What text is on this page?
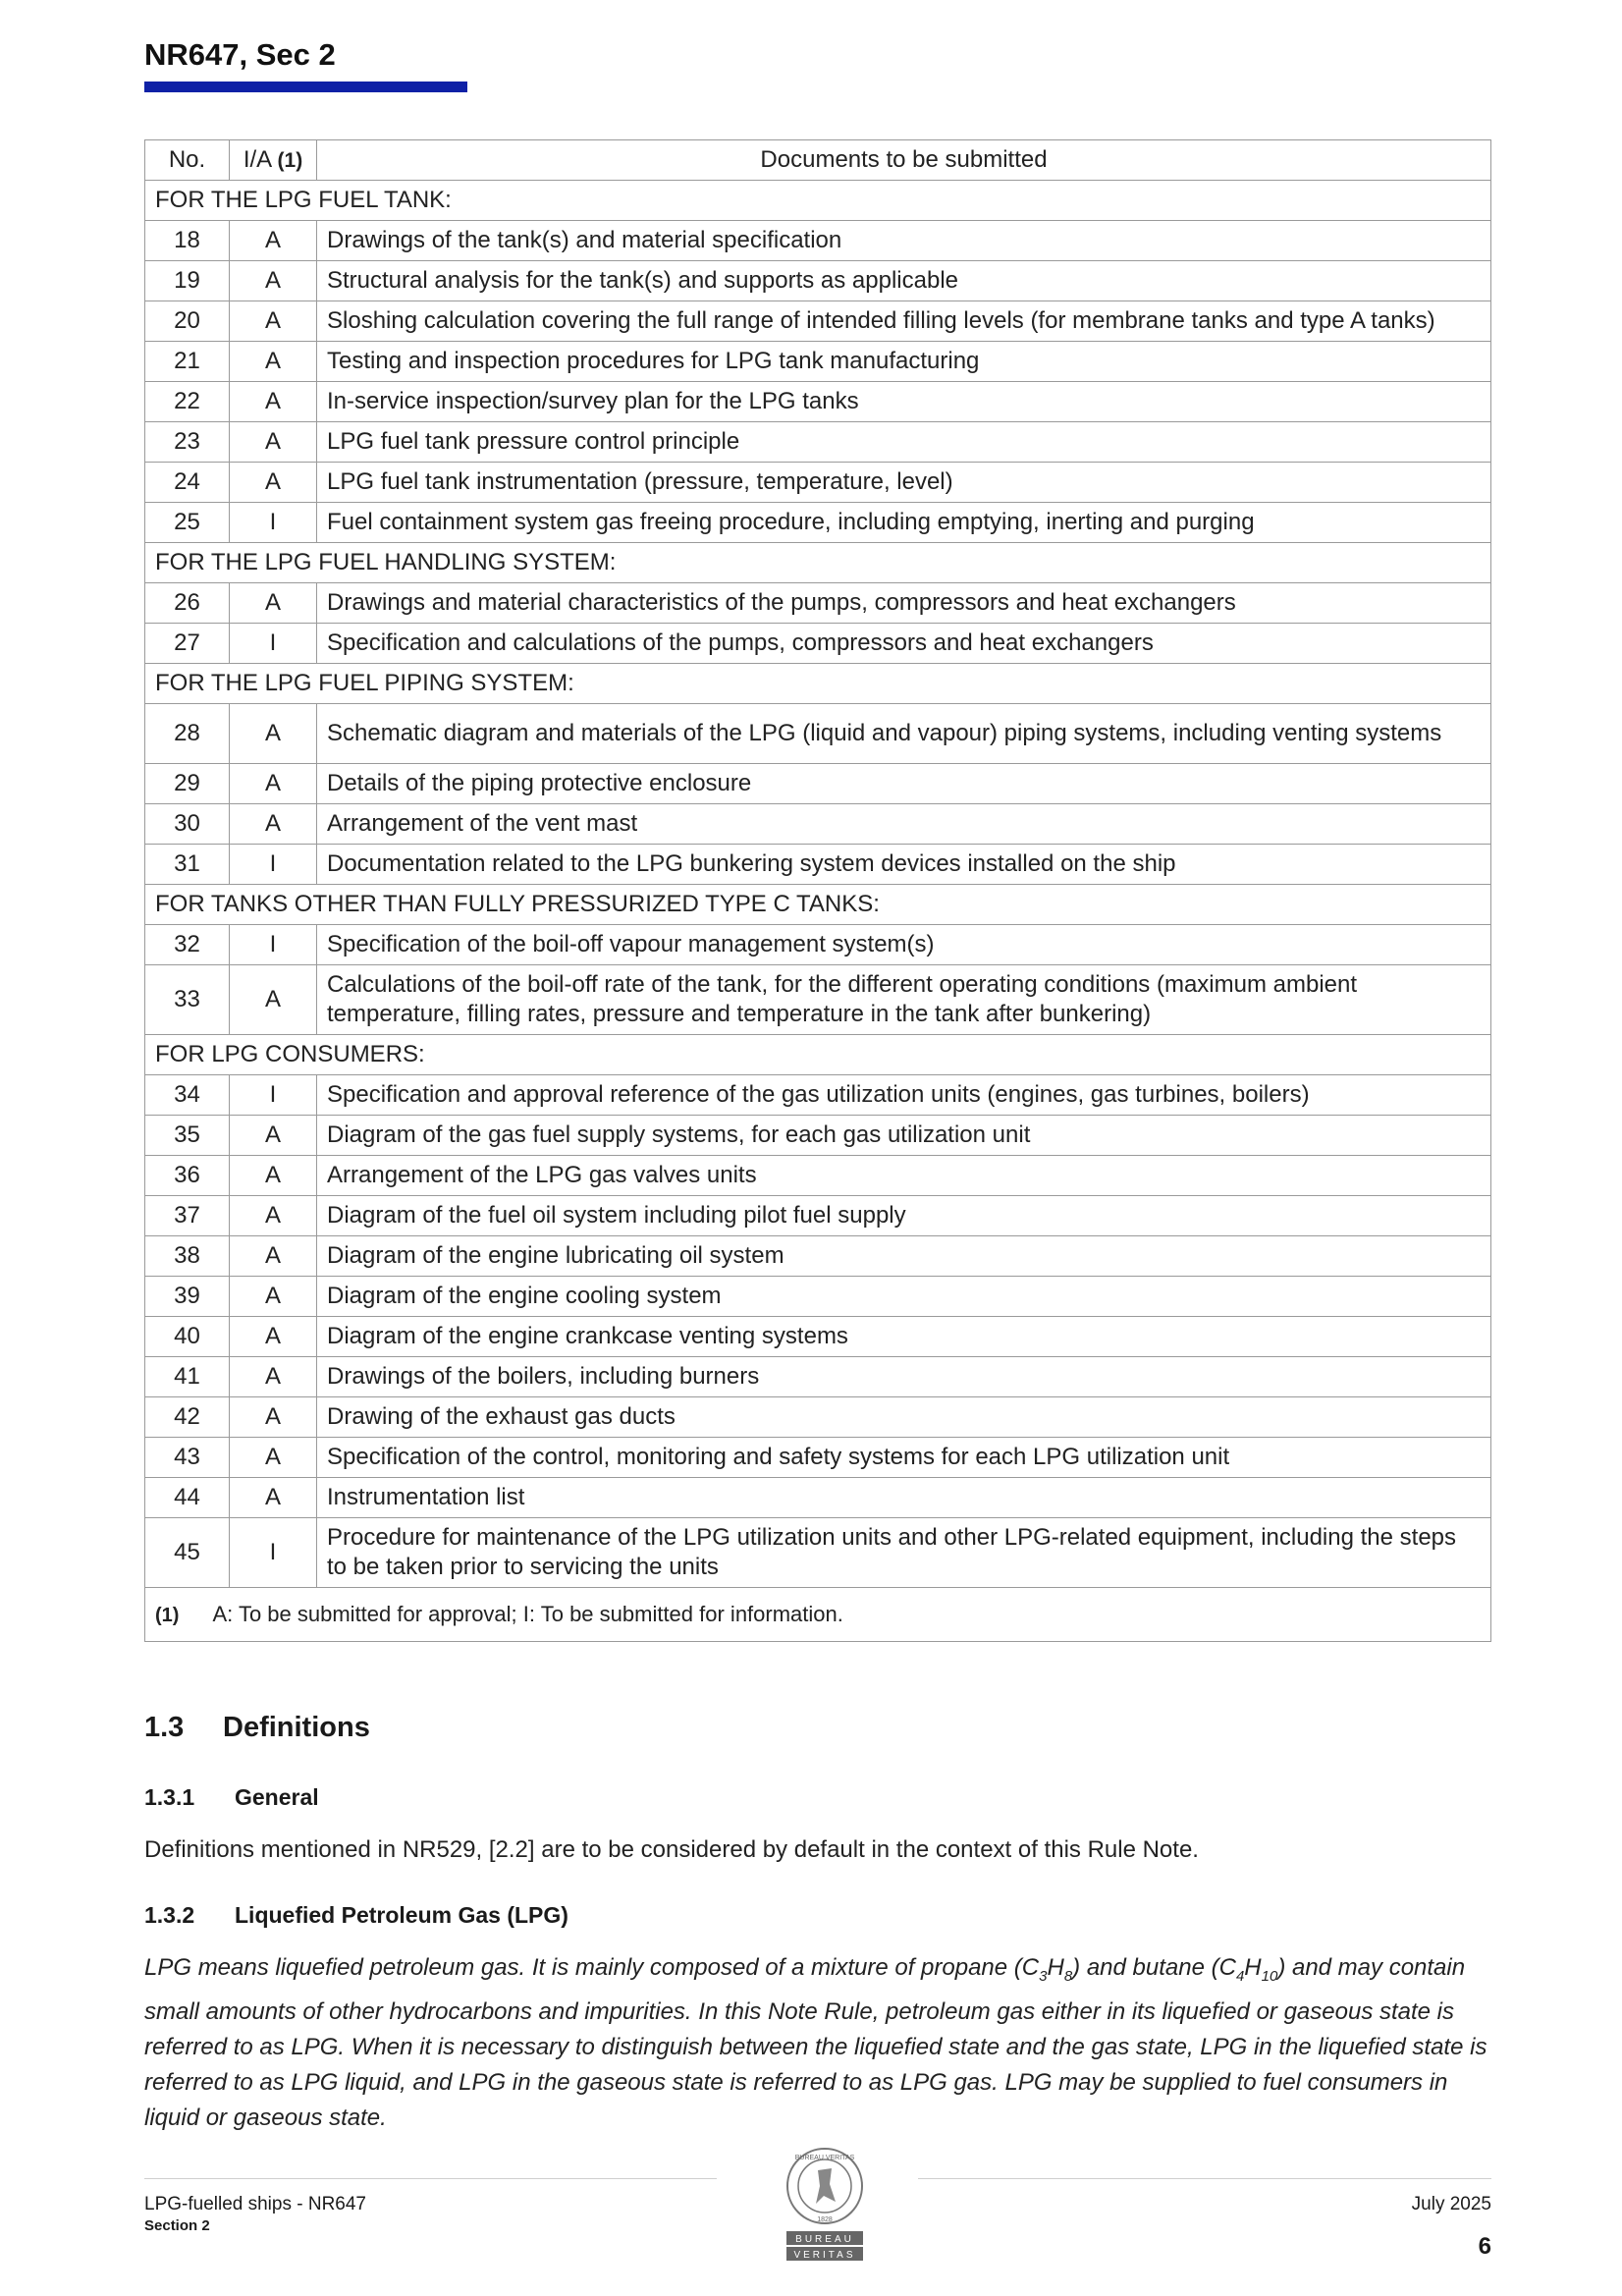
NR647, Sec 2
No.	I/A (1)	Documents to be submitted
FOR THE LPG FUEL TANK:		
18	A	Drawings of the tank(s) and material specification
19	A	Structural analysis for the tank(s) and supports as applicable
20	A	Sloshing calculation covering the full range of intended filling levels (for membrane tanks and type A tanks)
21	A	Testing and inspection procedures for LPG tank manufacturing
22	A	In-service inspection/survey plan for the LPG tanks
23	A	LPG fuel tank pressure control principle
24	A	LPG fuel tank instrumentation (pressure, temperature, level)
25	I	Fuel containment system gas freeing procedure, including emptying, inerting and purging
FOR THE LPG FUEL HANDLING SYSTEM:		
26	A	Drawings and material characteristics of the pumps, compressors and heat exchangers
27	I	Specification and calculations of the pumps, compressors and heat exchangers
FOR THE LPG FUEL PIPING SYSTEM:		
28	A	Schematic diagram and materials of the LPG (liquid and vapour) piping systems, including venting systems
29	A	Details of the piping protective enclosure
30	A	Arrangement of the vent mast
31	I	Documentation related to the LPG bunkering system devices installed on the ship
FOR TANKS OTHER THAN FULLY PRESSURIZED TYPE C TANKS:		
32	I	Specification of the boil-off vapour management system(s)
33	A	Calculations of the boil-off rate of the tank, for the different operating conditions (maximum ambient temperature, filling rates, pressure and temperature in the tank after bunkering)
FOR LPG CONSUMERS:		
34	I	Specification and approval reference of the gas utilization units (engines, gas turbines, boilers)
35	A	Diagram of the gas fuel supply systems, for each gas utilization unit
36	A	Arrangement of the LPG gas valves units
37	A	Diagram of the fuel oil system including pilot fuel supply
38	A	Diagram of the engine lubricating oil system
39	A	Diagram of the engine cooling system
40	A	Diagram of the engine crankcase venting systems
41	A	Drawings of the boilers, including burners
42	A	Drawing of the exhaust gas ducts
43	A	Specification of the control, monitoring and safety systems for each LPG utilization unit
44	A	Instrumentation list
45	I	Procedure for maintenance of the LPG utilization units and other LPG-related equipment, including the steps to be taken prior to servicing the units
(1) A: To be submitted for approval; I: To be submitted for information.		
1.3 Definitions
1.3.1 General
Definitions mentioned in NR529, [2.2] are to be considered by default in the context of this Rule Note.
1.3.2 Liquefied Petroleum Gas (LPG)
LPG means liquefied petroleum gas. It is mainly composed of a mixture of propane $(C_3H_8)$ and butane $(C_4H_{10})$ and may contain small amounts of other hydrocarbons and impurities. In this Note Rule, petroleum gas either in its liquefied or gaseous state is referred to as LPG. When it is necessary to distinguish between the liquefied state and the gas state, LPG in the liquefied state is referred to as LPG liquid, and LPG in the gaseous state is referred to as LPG gas. LPG may be supplied to fuel consumers in liquid or gaseous state.
LPG-fuelled ships - NR647
Section 2
BUREAU VERITAS
1828
BUREAU
VERITAS
July 2025
6
